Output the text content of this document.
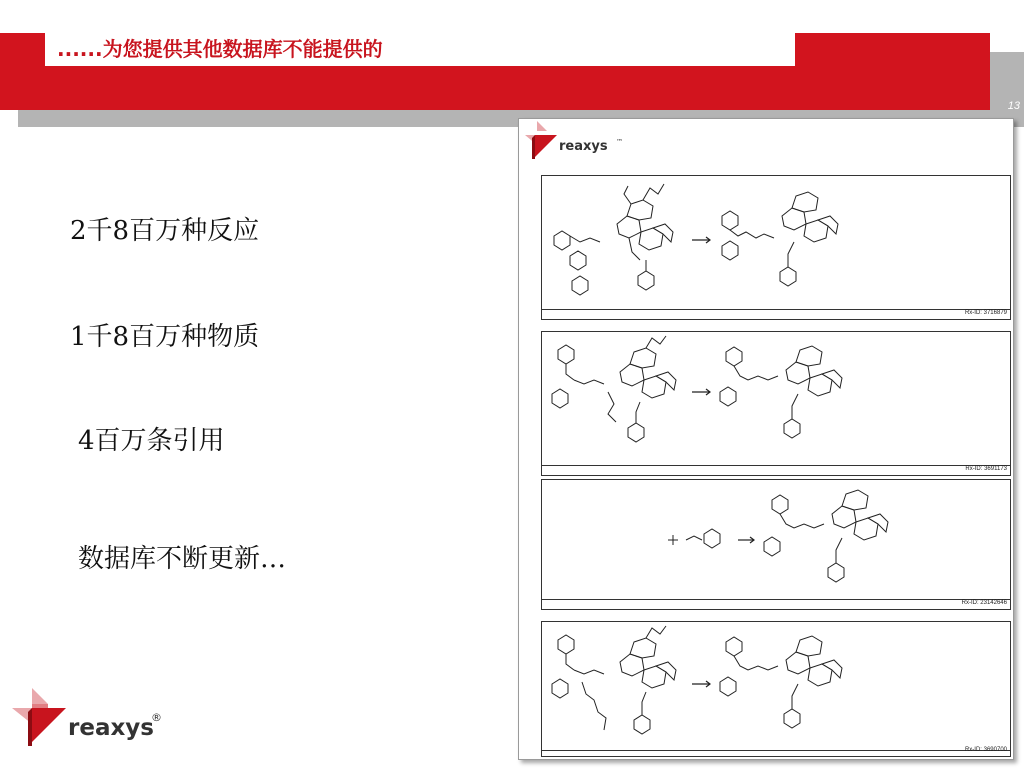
......为您提供其他数据库不能提供的
13
2千8百万种反应
1千8百万种物质
4百万条引用
数据库不断更新…
reaxys
®
reaxys ™
Rx-ID: 3716879
Rx-ID: 3691173
Rx-ID: 23142646
Rx-ID: 3690700
